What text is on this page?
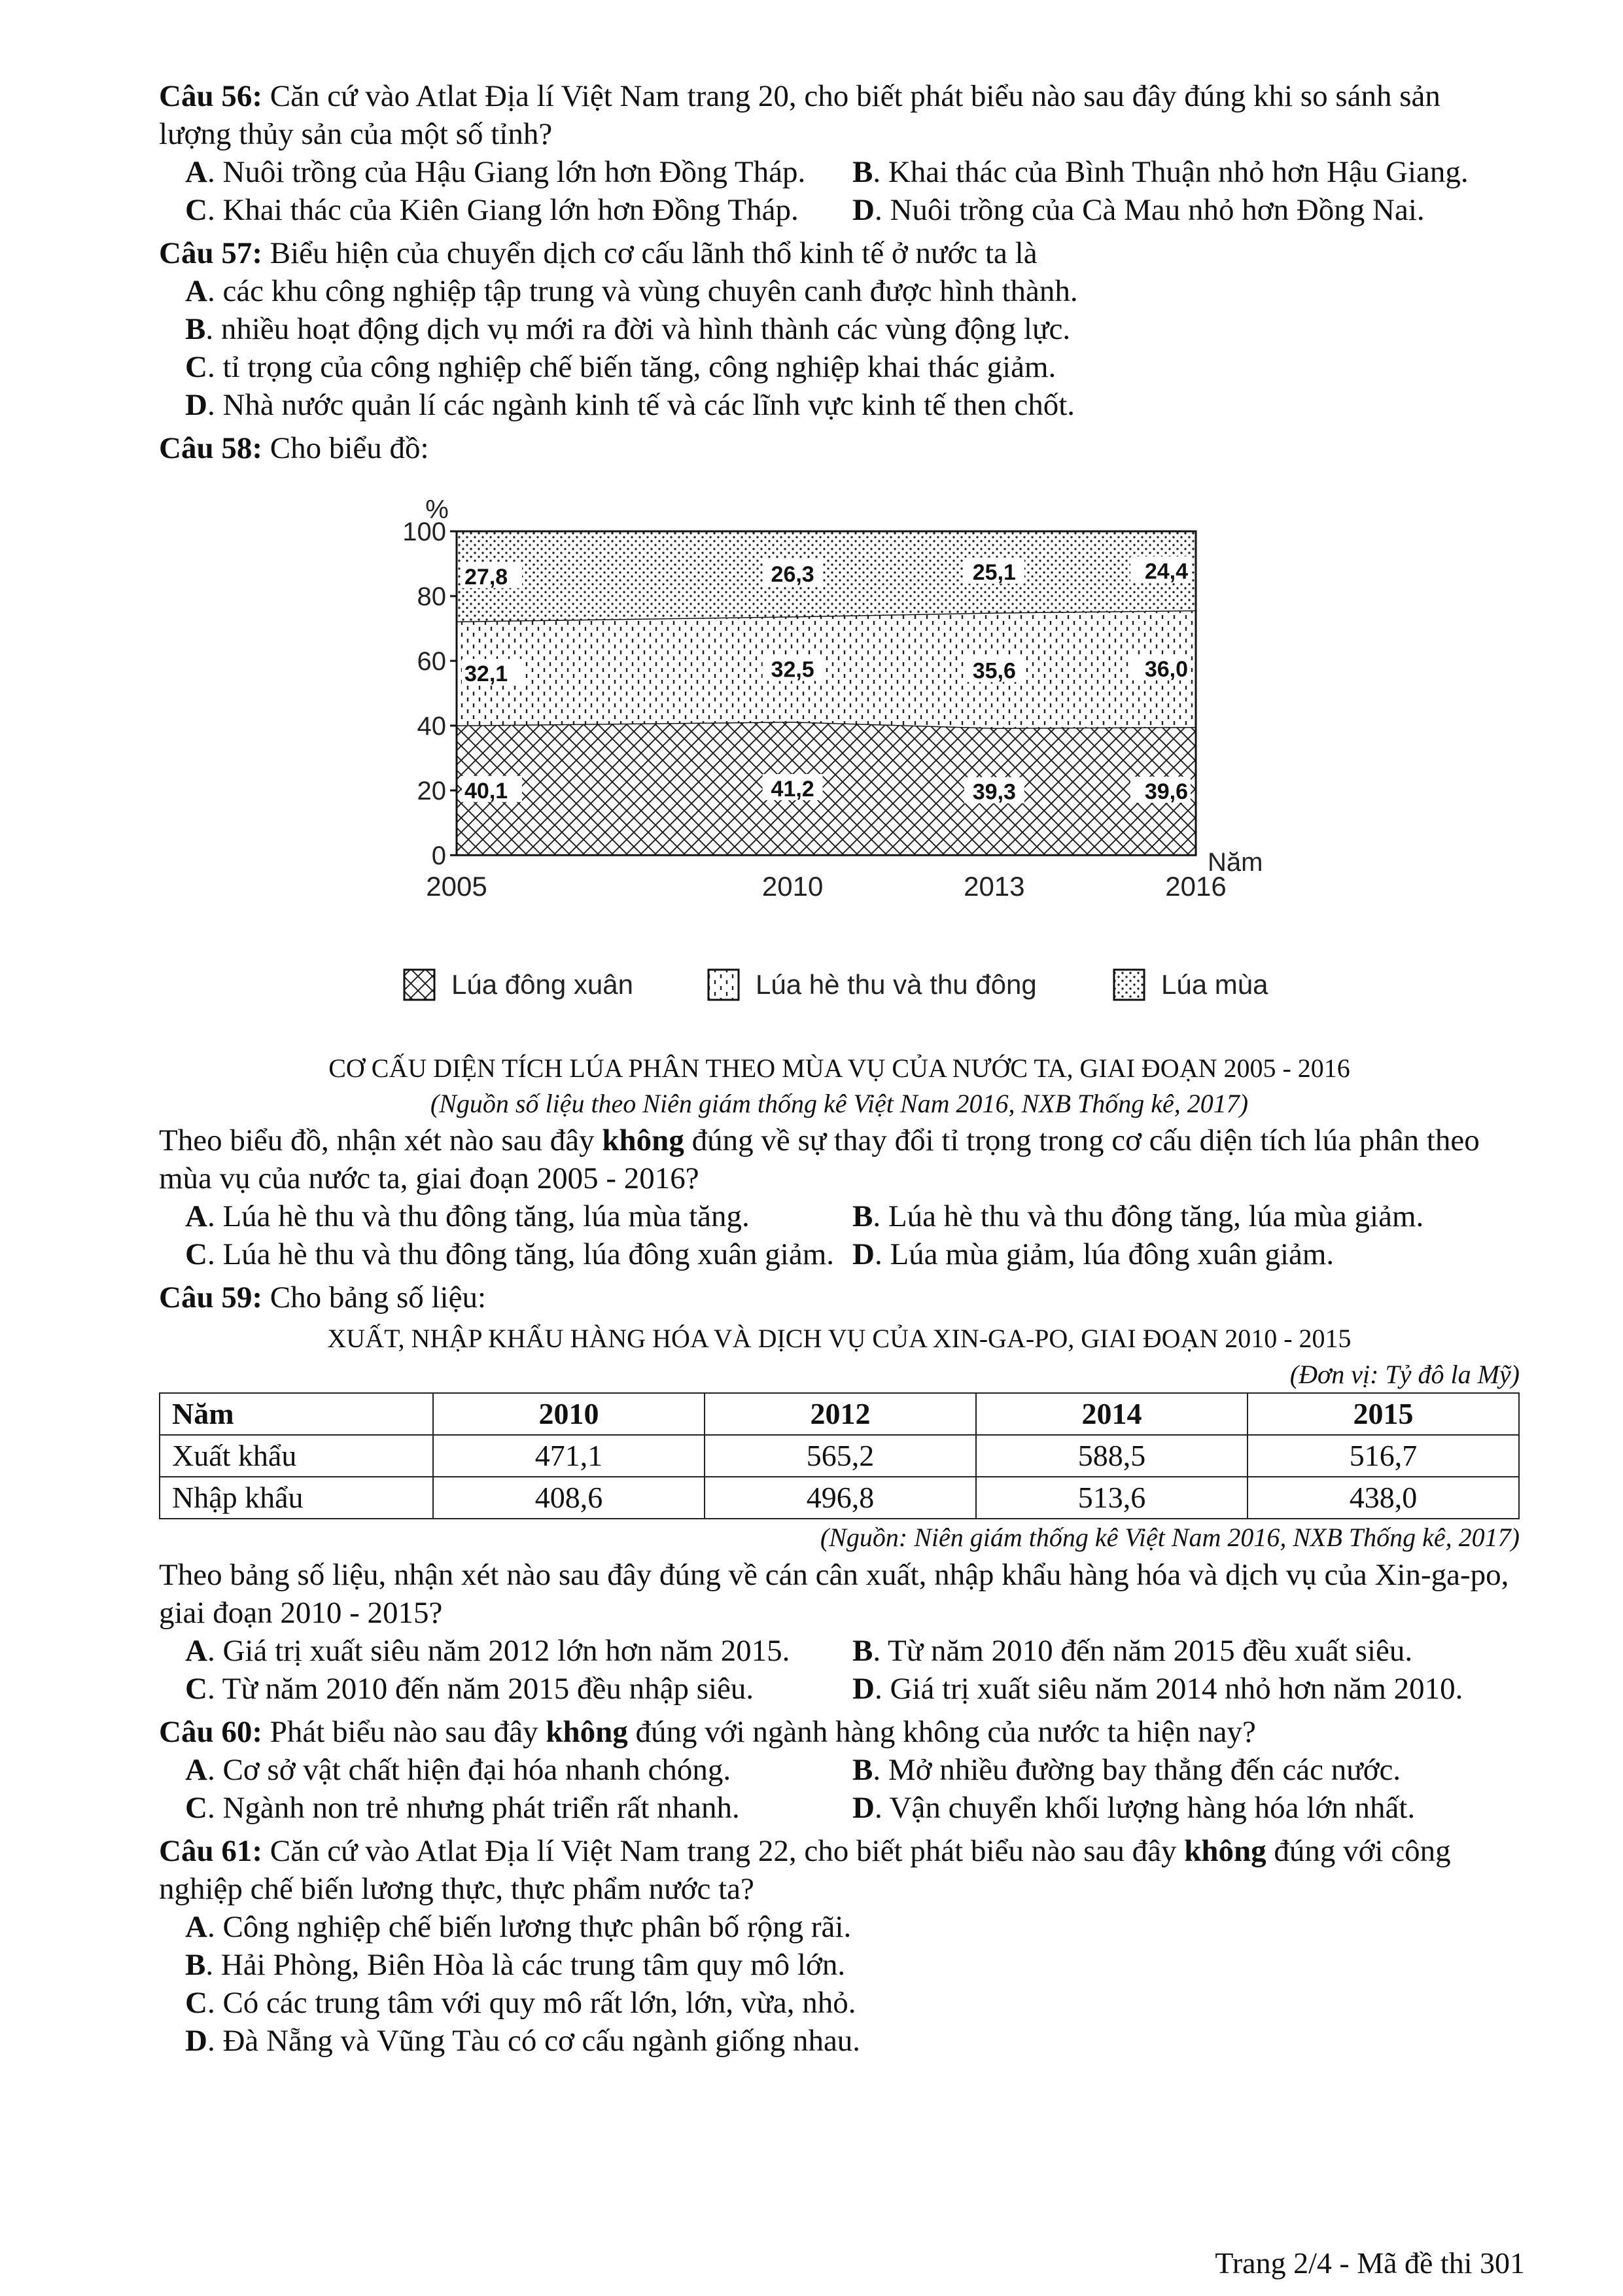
Câu 56: Căn cứ vào Atlat Địa lí Việt Nam trang 20, cho biết phát biểu nào sau đây đúng khi so sánh sản lượng thủy sản của một số tỉnh?

A. Nuôi trồng của Hậu Giang lớn hơn Đồng Tháp.	B. Khai thác của Bình Thuận nhỏ hơn Hậu Giang.
C. Khai thác của Kiên Giang lớn hơn Đồng Tháp.	D. Nuôi trồng của Cà Mau nhỏ hơn Đồng Nai.

Câu 57: Biểu hiện của chuyển dịch cơ cấu lãnh thổ kinh tế ở nước ta là

A. các khu công nghiệp tập trung và vùng chuyên canh được hình thành.
B. nhiều hoạt động dịch vụ mới ra đời và hình thành các vùng động lực.
C. tỉ trọng của công nghiệp chế biến tăng, công nghiệp khai thác giảm.
D. Nhà nước quản lí các ngành kinh tế và các lĩnh vực kinh tế then chốt.

Câu 58: Cho biểu đồ:

40,1	41,2	39,3	39,6
32,1	32,5	35,6	36,0
27,8	26,3	25,1	24,4
0
20
40
60
80
100
%
2005	2010	2013	2016
Năm
Lúa đông xuân	Lúa hè thu và thu đông	Lúa mùa
CƠ CẤU DIỆN TÍCH LÚA PHÂN THEO MÙA VỤ CỦA NƯỚC TA, GIAI ĐOẠN 2005 - 2016
(Nguồn số liệu theo Niên giám thống kê Việt Nam 2016, NXB Thống kê, 2017)

Theo biểu đồ, nhận xét nào sau đây không đúng về sự thay đổi tỉ trọng trong cơ cấu diện tích lúa phân theo mùa vụ của nước ta, giai đoạn 2005 - 2016?

A. Lúa hè thu và thu đông tăng, lúa mùa tăng.	B. Lúa hè thu và thu đông tăng, lúa mùa giảm.
C. Lúa hè thu và thu đông tăng, lúa đông xuân giảm. D. Lúa mùa giảm, lúa đông xuân giảm.

Câu 59: Cho bảng số liệu:

XUẤT, NHẬP KHẨU HÀNG HÓA VÀ DỊCH VỤ CỦA XIN-GA-PO, GIAI ĐOẠN 2010 - 2015
(Đơn vị: Tỷ đô la Mỹ)
Năm	2010	2012	2014	2015
Xuất khẩu	471,1	565,2	588,5	516,7
Nhập khẩu	408,6	496,8	513,6	438,0
(Nguồn: Niên giám thống kê Việt Nam 2016, NXB Thống kê, 2017)

Theo bảng số liệu, nhận xét nào sau đây đúng về cán cân xuất, nhập khẩu hàng hóa và dịch vụ của Xin-ga-po, giai đoạn 2010 - 2015?

A. Giá trị xuất siêu năm 2012 lớn hơn năm 2015.	B. Từ năm 2010 đến năm 2015 đều xuất siêu.
C. Từ năm 2010 đến năm 2015 đều nhập siêu.	D. Giá trị xuất siêu năm 2014 nhỏ hơn năm 2010.

Câu 60: Phát biểu nào sau đây không đúng với ngành hàng không của nước ta hiện nay?

A. Cơ sở vật chất hiện đại hóa nhanh chóng.	B. Mở nhiều đường bay thẳng đến các nước.
C. Ngành non trẻ nhưng phát triển rất nhanh.	D. Vận chuyển khối lượng hàng hóa lớn nhất.

Câu 61: Căn cứ vào Atlat Địa lí Việt Nam trang 22, cho biết phát biểu nào sau đây không đúng với công nghiệp chế biến lương thực, thực phẩm nước ta?

A. Công nghiệp chế biến lương thực phân bố rộng rãi.
B. Hải Phòng, Biên Hòa là các trung tâm quy mô lớn.
C. Có các trung tâm với quy mô rất lớn, lớn, vừa, nhỏ.
D. Đà Nẵng và Vũng Tàu có cơ cấu ngành giống nhau.
Trang 2/4 - Mã đề thi 301
